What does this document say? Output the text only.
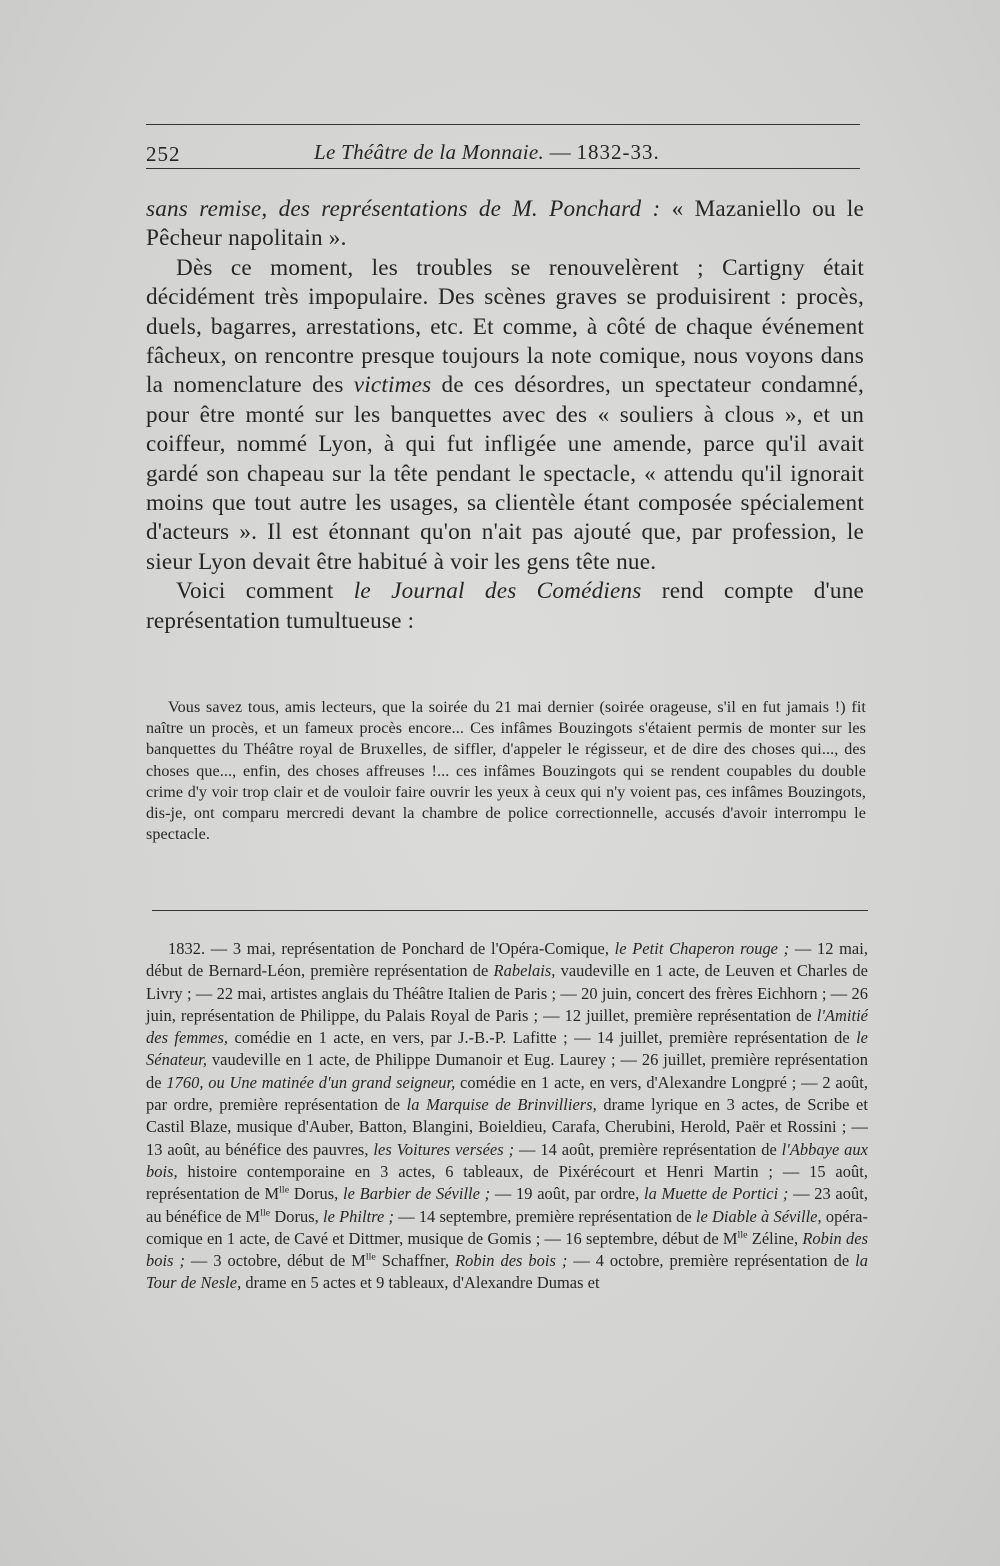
252	Le Théâtre de la Monnaie. — 1832-33.

sans remise, des représentations de M. Ponchard : « Mazaniello ou le Pêcheur napolitain ».

Dès ce moment, les troubles se renouvelèrent ; Cartigny était décidément très impopulaire. Des scènes graves se produisirent : procès, duels, bagarres, arrestations, etc. Et comme, à côté de chaque événement fâcheux, on rencontre presque toujours la note comique, nous voyons dans la nomenclature des victimes de ces désordres, un spectateur condamné, pour être monté sur les banquettes avec des « souliers à clous », et un coiffeur, nommé Lyon, à qui fut infligée une amende, parce qu'il avait gardé son chapeau sur la tête pendant le spectacle, « attendu qu'il ignorait moins que tout autre les usages, sa clientèle étant composée spécialement d'acteurs ». Il est étonnant qu'on n'ait pas ajouté que, par profession, le sieur Lyon devait être habitué à voir les gens tête nue.

Voici comment le Journal des Comédiens rend compte d'une représentation tumultueuse :

Vous savez tous, amis lecteurs, que la soirée du 21 mai dernier (soirée orageuse, s'il en fut jamais !) fit naître un procès, et un fameux procès encore... Ces infâmes Bouzingots s'étaient permis de monter sur les banquettes du Théâtre royal de Bruxelles, de siffler, d'appeler le régisseur, et de dire des choses qui..., des choses que..., enfin, des choses affreuses !... ces infâmes Bouzingots qui se rendent coupables du double crime d'y voir trop clair et de vouloir faire ouvrir les yeux à ceux qui n'y voient pas, ces infâmes Bouzingots, dis-je, ont comparu mercredi devant la chambre de police correctionnelle, accusés d'avoir interrompu le spectacle.

1832. — 3 mai, représentation de Ponchard de l'Opéra-Comique, le Petit Chaperon rouge ; — 12 mai, début de Bernard-Léon, première représentation de Rabelais, vaudeville en 1 acte, de Leuven et Charles de Livry ; — 22 mai, artistes anglais du Théâtre Italien de Paris ; — 20 juin, concert des frères Eichhorn ; — 26 juin, représentation de Philippe, du Palais Royal de Paris ; — 12 juillet, première représentation de l'Amitié des femmes, comédie en 1 acte, en vers, par J.-B.-P. Lafitte ; — 14 juillet, première représentation de le Sénateur, vaudeville en 1 acte, de Philippe Dumanoir et Eug. Laurey ; — 26 juillet, première représentation de 1760, ou Une matinée d'un grand seigneur, comédie en 1 acte, en vers, d'Alexandre Longpré ; — 2 août, par ordre, première représentation de la Marquise de Brinvilliers, drame lyrique en 3 actes, de Scribe et Castil Blaze, musique d'Auber, Batton, Blangini, Boieldieu, Carafa, Cherubini, Herold, Paër et Rossini ; — 13 août, au bénéfice des pauvres, les Voitures versées ; — 14 août, première représentation de l'Abbaye aux bois, histoire contemporaine en 3 actes, 6 tableaux, de Pixérécourt et Henri Martin ; — 15 août, représentation de $M^{lle}$ Dorus, le Barbier de Séville ; — 19 août, par ordre, la Muette de Portici ; — 23 août, au bénéfice de $M^{lle}$ Dorus, le Philtre ; — 14 septembre, première représentation de le Diable à Séville, opéra-comique en 1 acte, de Cavé et Dittmer, musique de Gomis ; — 16 septembre, début de $M^{lle}$ Zéline, Robin des bois ; — 3 octobre, début de $M^{lle}$ Schaffner, Robin des bois ; — 4 octobre, première représentation de la Tour de Nesle, drame en 5 actes et 9 tableaux, d'Alexandre Dumas et
